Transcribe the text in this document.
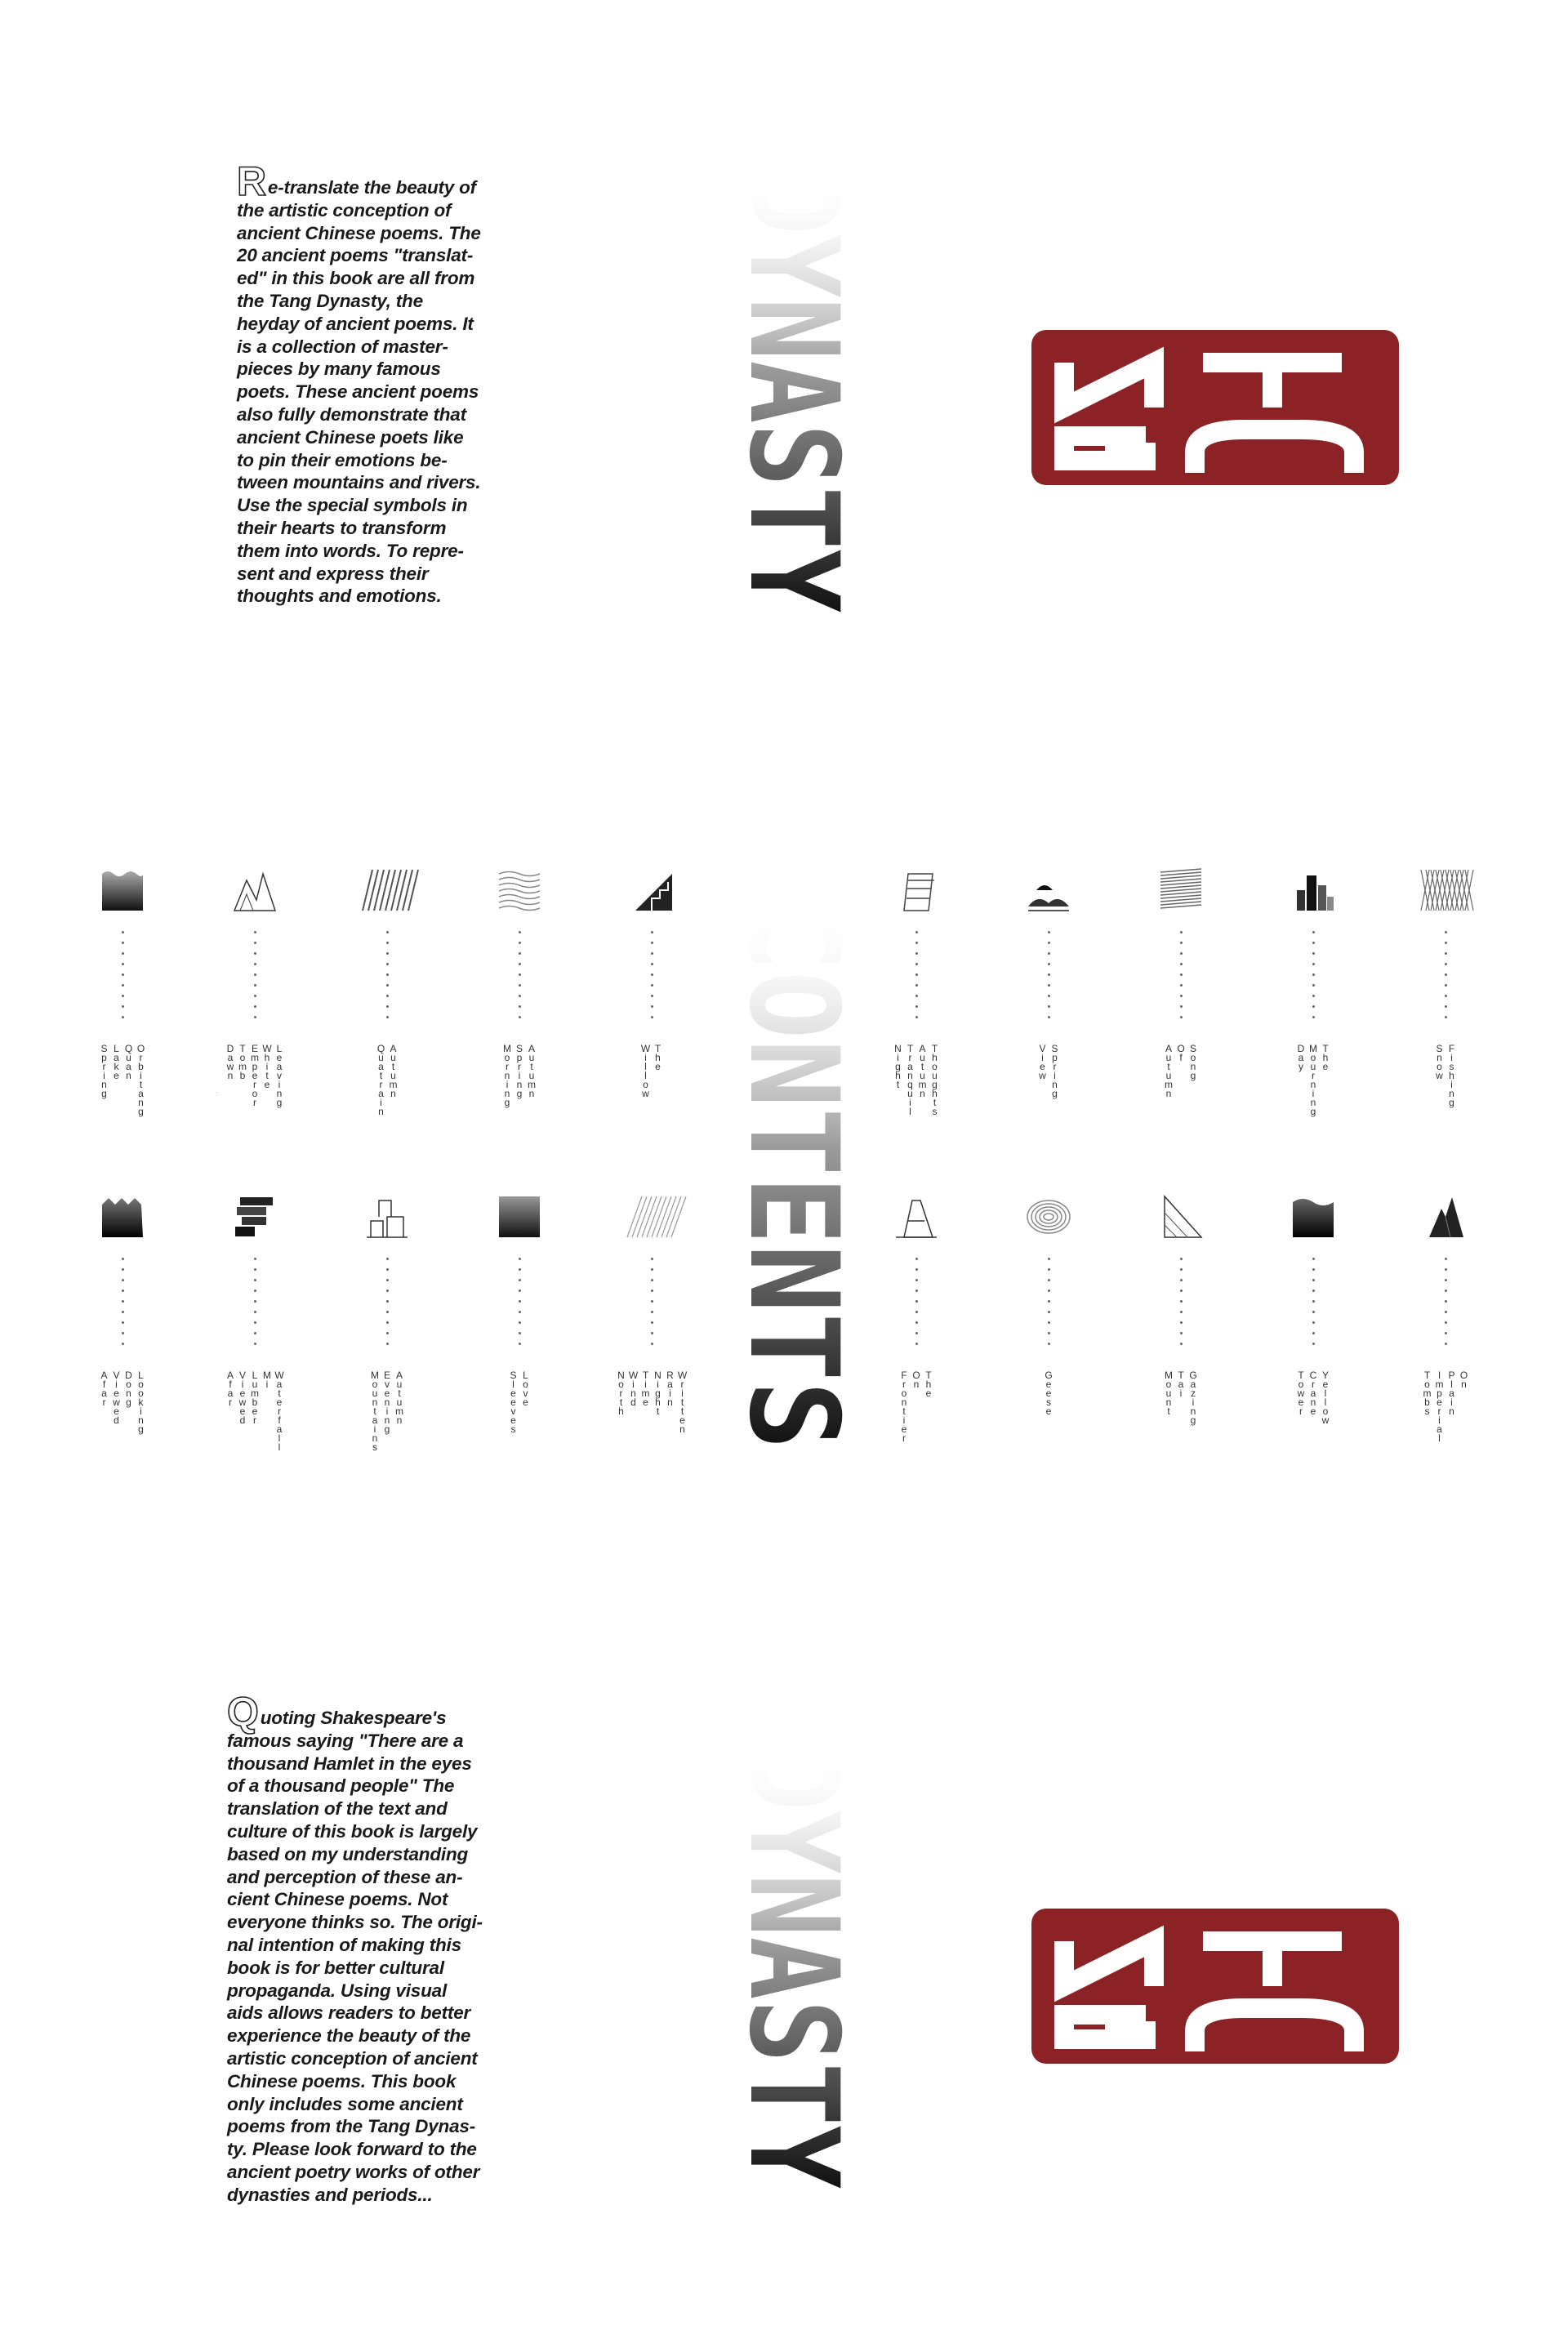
R e-translate the beauty of
the artistic conception of
ancient Chinese poems. The
20 ancient poems "translat-
ed" in this book are all from
the Tang Dynasty, the
heyday of ancient poems. It
is a collection of master-
pieces by many famous
poets. These ancient poems
also fully demonstrate that
ancient Chinese poets like
to pin their emotions be-
tween mountains and rivers.
Use the special symbols in
their hearts to transform
them into words. To repre-
sent and express their
thoughts and emotions.	DYNASTY
CONTENTS
Spring Lake Quan Orbitang	Dawn Tomb Emperor White Leaving	Quatrain Autumn	Morning Spring Autumn	Willow The	Night Tranquil Autumn Thoughts	View Spring	Autumn Of Song	Day Mourning The	Snow Fishing
Afar Viewed Dong Looking	Afar Viewed Lumber Mi Waterfall	Mountains Evening Autumn	Sleeves Love	North Wind Time Night Rain Written	Frontier On The	Geese	Mount Tai Gazing	Tower Crane Yellow	Tombs Imperial Plain On
Q uoting Shakespeare's
famous saying "There are a
thousand Hamlet in the eyes
of a thousand people" The
translation of the text and
culture of this book is largely
based on my understanding
and perception of these an-
cient Chinese poems. Not
everyone thinks so. The origi-
nal intention of making this
book is for better cultural
propaganda. Using visual
aids allows readers to better
experience the beauty of the
artistic conception of ancient
Chinese poems. This book
only includes some ancient
poems from the Tang Dynas-
ty. Please look forward to the
ancient poetry works of other
dynasties and periods...	DYNASTY
TANG
